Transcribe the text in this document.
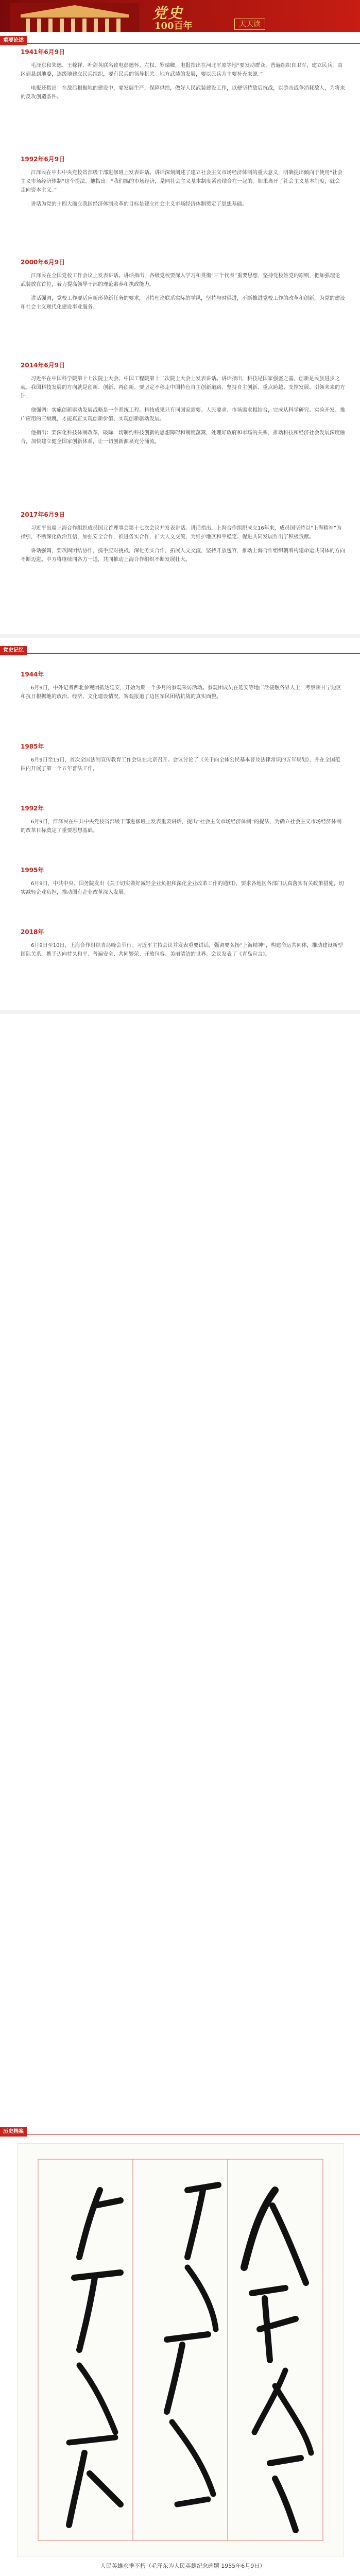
党史
100百年	天天读
重要论述
1941年6月9日

毛泽东和朱德、王稼祥、叶剑英联名致电彭德怀、左权、罗瑞卿，电报指出在河北平原等地“要发动群众，普遍组织自卫军，建立民兵，由区到县到地委，逐级地建立民兵组织，要有民兵的领导机关。地方武装的发展，要以民兵为主要补充来源。”

电报还指出：在敌后根据地的建设中，要发展生产，保障供给，做好人民武装建设工作，以便坚持敌后抗战，以游击战争消耗敌人，为将来的反攻创造条件。

1992年6月9日

江泽民在中共中央党校省部级干部进修班上发表讲话。讲话深刻阐述了建立社会主义市场经济体制的重大意义，明确提出倾向于使用“社会主义市场经济体制”这个提法。他指出：“我们搞的市场经济，是同社会主义基本制度紧密结合在一起的。如果离开了社会主义基本制度，就会走向资本主义。”

讲话为党的十四大确立我国经济体制改革的目标是建立社会主义市场经济体制奠定了思想基础。

2000年6月9日

江泽民在全国党校工作会议上发表讲话。讲话指出，各级党校要深入学习和贯彻“三个代表”重要思想，坚持党校姓党的原则，把加强理论武装放在首位，着力提高领导干部的理论素养和执政能力。

讲话强调，党校工作要适应新形势新任务的要求，坚持理论联系实际的学风，坚持与时俱进，不断推进党校工作的改革和创新，为党的建设和社会主义现代化建设事业服务。

2014年6月9日

习近平在中国科学院第十七次院士大会、中国工程院第十二次院士大会上发表讲话。讲话指出，科技是国家强盛之基，创新是民族进步之魂。我国科技发展的方向就是创新、创新、再创新。要坚定不移走中国特色自主创新道路，坚持自主创新、重点跨越、支撑发展、引领未来的方针。

他强调：实施创新驱动发展战略是一个系统工程。科技成果只有同国家需要、人民要求、市场需求相结合，完成从科学研究、实验开发、推广应用的三级跳，才能真正实现创新价值、实现创新驱动发展。

他指出：要深化科技体制改革，破除一切制约科技创新的思想障碍和制度藩篱，处理好政府和市场的关系，推动科技和经济社会发展深度融合，加快建立健全国家创新体系，让一切创新源泉充分涌流。

2017年6月9日

习近平出席上海合作组织成员国元首理事会第十七次会议并发表讲话。讲话指出，上海合作组织成立16年来，成员国坚持以“上海精神”为指引，不断深化政治互信，加强安全合作，推进务实合作，扩大人文交流，为维护地区和平稳定、促进共同发展作出了积极贡献。

讲话强调，要巩固团结协作，携手应对挑战，深化务实合作，拓展人文交流，坚持开放包容，推动上海合作组织朝着构建命运共同体的方向不断迈进。中方将继续同各方一道，共同推动上海合作组织不断发展壮大。

党史记忆
1944年

6月9日，中外记者西北参观团抵达延安，开始为期一个多月的参观采访活动。参观团成员在延安等地广泛接触各界人士，考察陕甘宁边区和抗日根据地的政治、经济、文化建设情况，客观报道了边区军民团结抗战的真实面貌。

1985年

6月9日至15日，首次全国法制宣传教育工作会议在北京召开。会议讨论了《关于向全体公民基本普及法律常识的五年规划》，并在全国范围内开展了第一个五年普法工作。

1992年

6月9日，江泽民在中共中央党校省部级干部进修班上发表重要讲话，提出“社会主义市场经济体制”的提法，为确立社会主义市场经济体制的改革目标奠定了重要思想基础。

1995年

6月9日，中共中央、国务院发出《关于切实做好减轻企业负担和深化企业改革工作的通知》，要求各地区各部门认真落实有关政策措施，切实减轻企业负担，推动国有企业改革深入发展。

2018年

6月9日至10日，上海合作组织青岛峰会举行。习近平主持会议并发表重要讲话，强调要弘扬“上海精神”，构建命运共同体，推动建设新型国际关系，携手迈向持久和平、普遍安全、共同繁荣、开放包容、美丽清洁的世界。会议发表了《青岛宣言》。

历史档案
人民英雄永垂不朽（毛泽东为人民英雄纪念碑题 1955年6月9日）
